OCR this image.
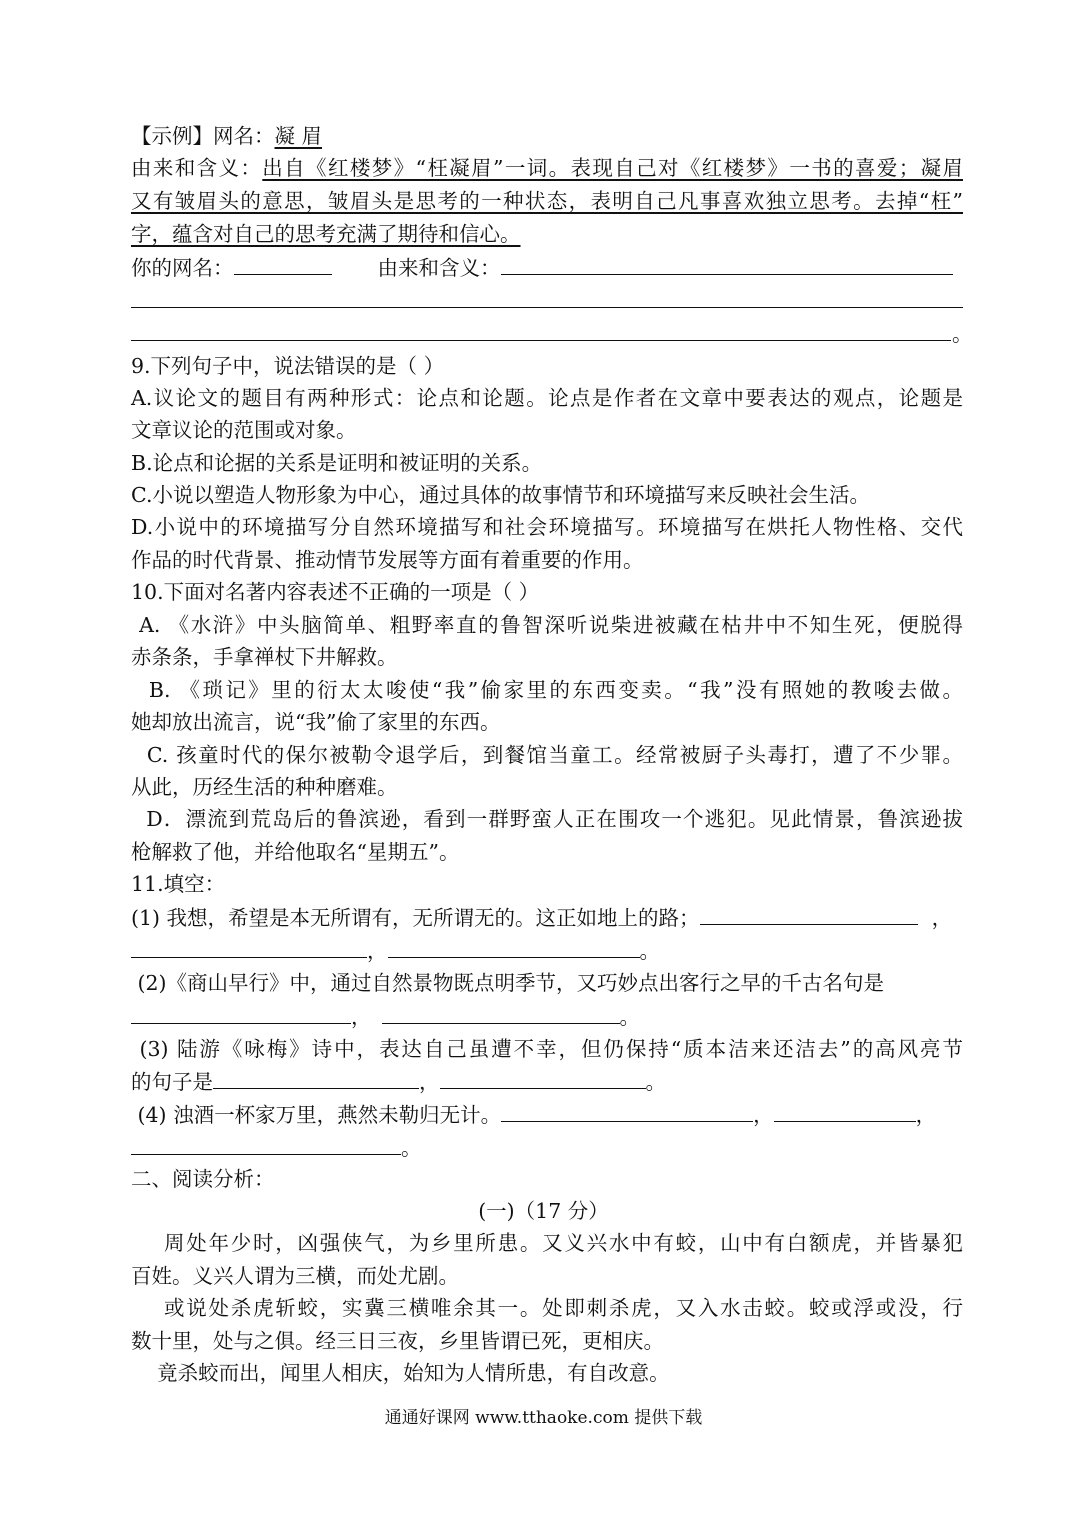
【示例】网名：凝 眉
由来和含义：出自《红楼梦》“枉凝眉”一词。表现自己对《红楼梦》一书的喜爱；凝眉
又有皱眉头的意思，皱眉头是思考的一种状态，表明自己凡事喜欢独立思考。去掉“枉”
字，蕴含对自己的思考充满了期待和信心。
你的网名：	由来和含义：
。
9.下列句子中，说法错误的是（ ）
A.议论文的题目有两种形式：论点和论题。论点是作者在文章中要表达的观点，论题是
文章议论的范围或对象。
B.论点和论据的关系是证明和被证明的关系。
C.小说以塑造人物形象为中心，通过具体的故事情节和环境描写来反映社会生活。
D.小说中的环境描写分自然环境描写和社会环境描写。环境描写在烘托人物性格、交代
作品的时代背景、推动情节发展等方面有着重要的作用。
10.下面对名著内容表述不正确的一项是（ ）
A. 《水浒》中头脑简单、粗野率直的鲁智深听说柴进被藏在枯井中不知生死，便脱得
赤条条，手拿禅杖下井解救。
B. 《琐记》里的衍太太唆使“我”偷家里的东西变卖。“我”没有照她的教唆去做。
她却放出流言，说“我”偷了家里的东西。
C. 孩童时代的保尔被勒令退学后，到餐馆当童工。经常被厨子头毒打，遭了不少罪。
从此，历经生活的种种磨难。
D．漂流到荒岛后的鲁滨逊，看到一群野蛮人正在围攻一个逃犯。见此情景，鲁滨逊拔
枪解救了他，并给他取名“星期五”。
11.填空：
(1) 我想，希望是本无所谓有，无所谓无的。这正如地上的路；	，
，	。
(2)《商山早行》中，通过自然景物既点明季节，又巧妙点出客行之早的千古名句是
，	。
(3) 陆游《咏梅》诗中，表达自己虽遭不幸，但仍保持“质本洁来还洁去”的高风亮节
的句子是	，	。
(4) 浊酒一杯家万里，燕然未勒归无计。	，	，
。
二、阅读分析：
(一)（17 分）
周处年少时，凶强侠气，为乡里所患。又义兴水中有蛟，山中有白额虎，并皆暴犯
百姓。义兴人谓为三横，而处尤剧。
或说处杀虎斩蛟，实冀三横唯余其一。处即刺杀虎，又入水击蛟。蛟或浮或没，行
数十里，处与之俱。经三日三夜，乡里皆谓已死，更相庆。
竟杀蛟而出，闻里人相庆，始知为人情所患，有自改意。
通通好课网 www.tthaoke.com 提供下载
